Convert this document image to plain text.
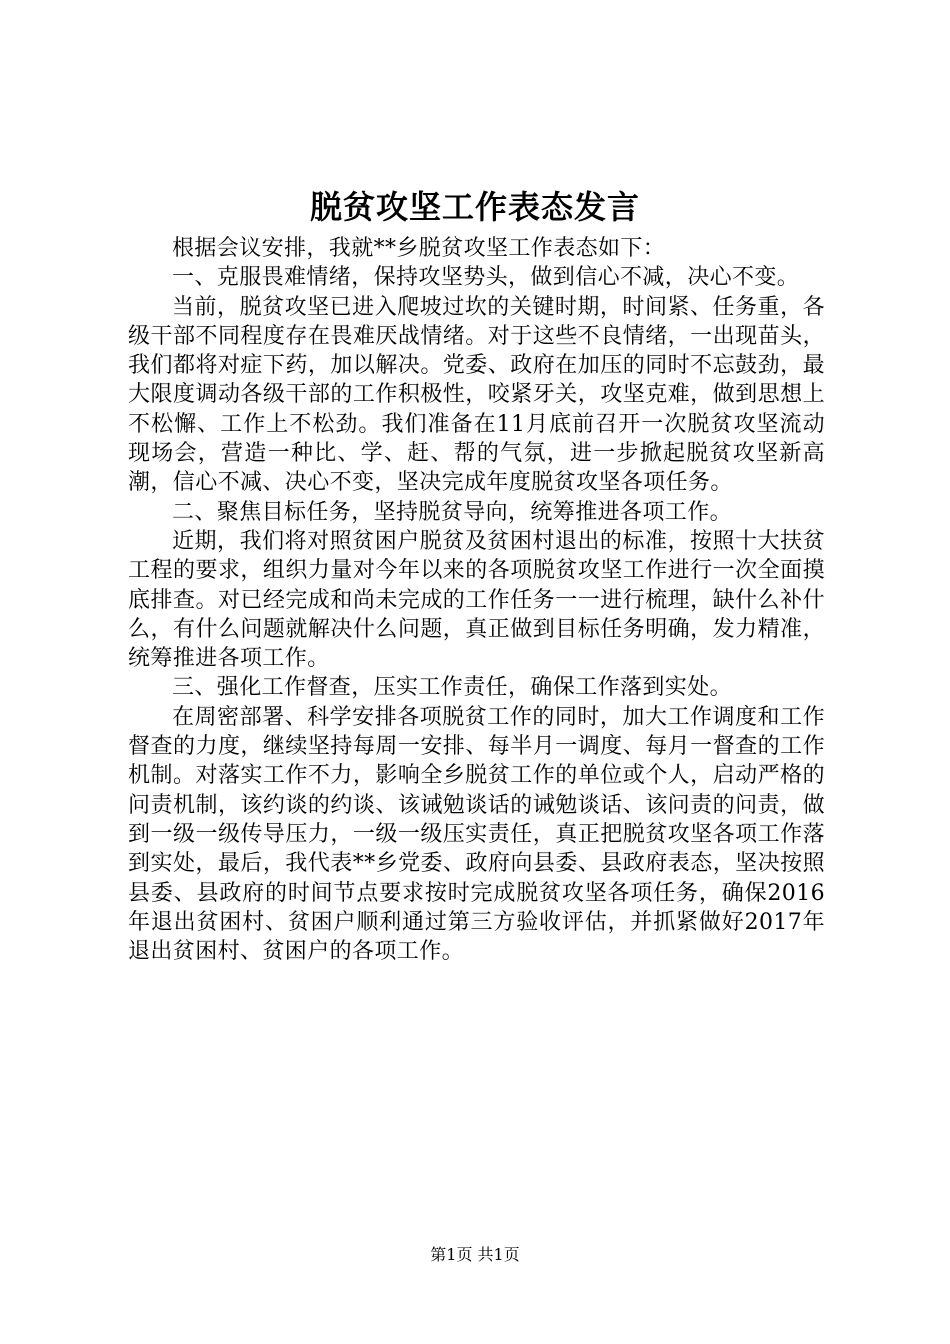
脱贫攻坚工作表态发言

根据会议安排，我就**乡脱贫攻坚工作表态如下：

一、克服畏难情绪，保持攻坚势头，做到信心不减，决心不变。

当前，脱贫攻坚已进入爬坡过坎的关键时期，时间紧、任务重，各级干部不同程度存在畏难厌战情绪。对于这些不良情绪，一出现苗头，我们都将对症下药，加以解决。党委、政府在加压的同时不忘鼓劲，最大限度调动各级干部的工作积极性，咬紧牙关，攻坚克难，做到思想上不松懈、工作上不松劲。我们准备在11月底前召开一次脱贫攻坚流动现场会，营造一种比、学、赶、帮的气氛，进一步掀起脱贫攻坚新高潮，信心不减、决心不变，坚决完成年度脱贫攻坚各项任务。

二、聚焦目标任务，坚持脱贫导向，统筹推进各项工作。

近期，我们将对照贫困户脱贫及贫困村退出的标准，按照十大扶贫工程的要求，组织力量对今年以来的各项脱贫攻坚工作进行一次全面摸底排查。对已经完成和尚未完成的工作任务一一进行梳理，缺什么补什么，有什么问题就解决什么问题，真正做到目标任务明确，发力精准，统筹推进各项工作。

三、强化工作督查，压实工作责任，确保工作落到实处。

在周密部署、科学安排各项脱贫工作的同时，加大工作调度和工作督查的力度，继续坚持每周一安排、每半月一调度、每月一督查的工作机制。对落实工作不力，影响全乡脱贫工作的单位或个人，启动严格的问责机制，该约谈的约谈、该诫勉谈话的诫勉谈话、该问责的问责，做到一级一级传导压力，一级一级压实责任，真正把脱贫攻坚各项工作落到实处，最后，我代表**乡党委、政府向县委、县政府表态，坚决按照县委、县政府的时间节点要求按时完成脱贫攻坚各项任务，确保2016年退出贫困村、贫困户顺利通过第三方验收评估，并抓紧做好2017年退出贫困村、贫困户的各项工作。

第1页 共1页
